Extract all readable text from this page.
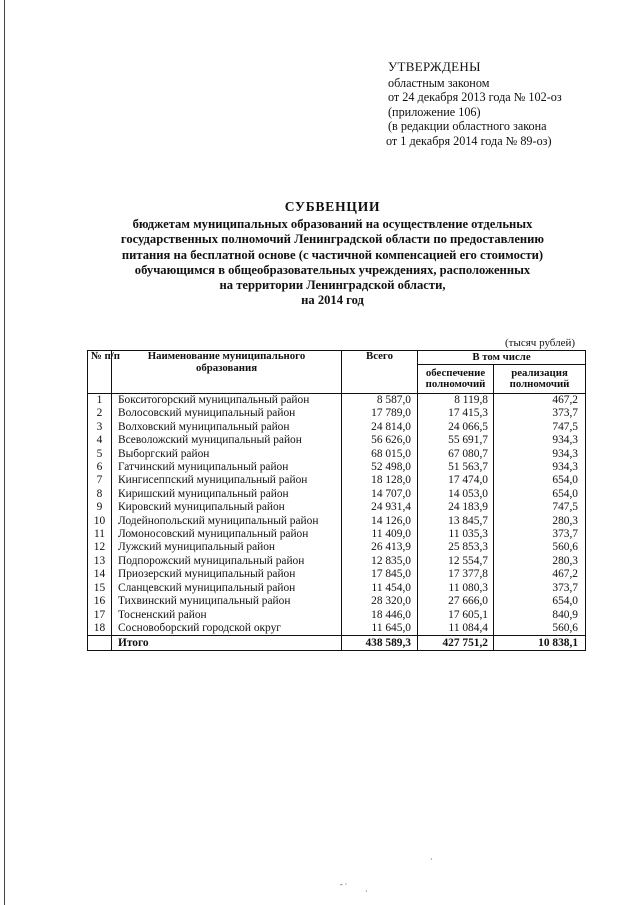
УТВЕРЖДЕНЫ
областным законом
от 24 декабря 2013 года № 102-оз
(приложение 106)
(в редакции областного закона
от 1 декабря 2014 года № 89-оз)
СУБВЕНЦИИ
бюджетам муниципальных образований на осуществление отдельных
государственных полномочий Ленинградской области по предоставлению
питания на бесплатной основе (с частичной компенсацией его стоимости)
обучающимся в общеобразовательных учреждениях, расположенных
на территории Ленинградской области,
на 2014 год
(тысяч рублей)
№ п/п	Наименование муниципального образования	Всего	В том числе	
			обеспечение полномочий	реализация полномочий
1	Бокситогорский муниципальный район	8 587,0	8 119,8	467,2
2	Волосовский муниципальный район	17 789,0	17 415,3	373,7
3	Волховский муниципальный район	24 814,0	24 066,5	747,5
4	Всеволожский муниципальный район	56 626,0	55 691,7	934,3
5	Выборгский район	68 015,0	67 080,7	934,3
6	Гатчинский муниципальный район	52 498,0	51 563,7	934,3
7	Кингисеппский муниципальный район	18 128,0	17 474,0	654,0
8	Киришский муниципальный район	14 707,0	14 053,0	654,0
9	Кировский муниципальный район	24 931,4	24 183,9	747,5
10	Лодейнопольский муниципальный район	14 126,0	13 845,7	280,3
11	Ломоносовский муниципальный район	11 409,0	11 035,3	373,7
12	Лужский муниципальный район	26 413,9	25 853,3	560,6
13	Подпорожский муниципальный район	12 835,0	12 554,7	280,3
14	Приозерский муниципальный район	17 845,0	17 377,8	467,2
15	Сланцевский муниципальный район	11 454,0	11 080,3	373,7
16	Тихвинский муниципальный район	28 320,0	27 666,0	654,0
17	Тосненский район	18 446,0	17 605,1	840,9
18	Сосновоборский городской округ	11 645,0	11 084,4	560,6
	Итого	438 589,3	427 751,2	10 838,1
·
- ·
·
